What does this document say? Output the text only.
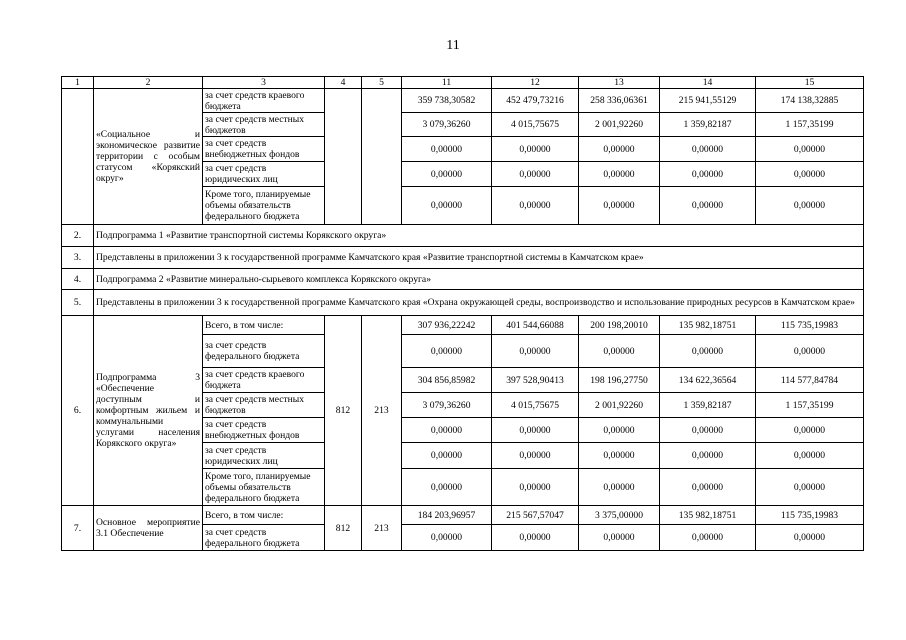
11
1	2	3	4	5	11	12	13	14	15
	«Социальное и экономическое развитие территории с особым статусом «Корякский округ»	за счет средств краевого бюджета			359 738,30582	452 479,73216	258 336,06361	215 941,55129	174 138,32885
		за счет средств местных бюджетов			3 079,36260	4 015,75675	2 001,92260	1 359,82187	1 157,35199
		за счет средств внебюджетных фондов			0,00000	0,00000	0,00000	0,00000	0,00000
		за счет средств юридических лиц			0,00000	0,00000	0,00000	0,00000	0,00000
		Кроме того, планируемые объемы обязательств федерального бюджета			0,00000	0,00000	0,00000	0,00000	0,00000
2.	Подпрограмма 1 «Развитие транспортной системы Корякского округа»								
3.	Представлены в приложении 3 к государственной программе Камчатского края «Развитие транспортной системы в Камчатском крае»								
4.	Подпрограмма 2 «Развитие минерально-сырьевого комплекса Корякского округа»								
5.	Представлены в приложении 3 к государственной программе Камчатского края «Охрана окружающей среды, воспроизводство и использование природных ресурсов в Камчатском крае»								
6.	Подпрограмма 3 «Обеспечение доступным и комфортным жильем и коммунальными услугами населения Корякского округа»	Всего, в том числе:	812	213	307 936,22242	401 544,66088	200 198,20010	135 982,18751	115 735,19983
		за счет средств федерального бюджета			0,00000	0,00000	0,00000	0,00000	0,00000
		за счет средств краевого бюджета			304 856,85982	397 528,90413	198 196,27750	134 622,36564	114 577,84784
		за счет средств местных бюджетов			3 079,36260	4 015,75675	2 001,92260	1 359,82187	1 157,35199
		за счет средств внебюджетных фондов			0,00000	0,00000	0,00000	0,00000	0,00000
		за счет средств юридических лиц			0,00000	0,00000	0,00000	0,00000	0,00000
		Кроме того, планируемые объемы обязательств федерального бюджета			0,00000	0,00000	0,00000	0,00000	0,00000
7.	Основное мероприятие 3.1 Обеспечение	Всего, в том числе:	812	213	184 203,96957	215 567,57047	3 375,00000	135 982,18751	115 735,19983
		за счет средств федерального бюджета			0,00000	0,00000	0,00000	0,00000	0,00000
